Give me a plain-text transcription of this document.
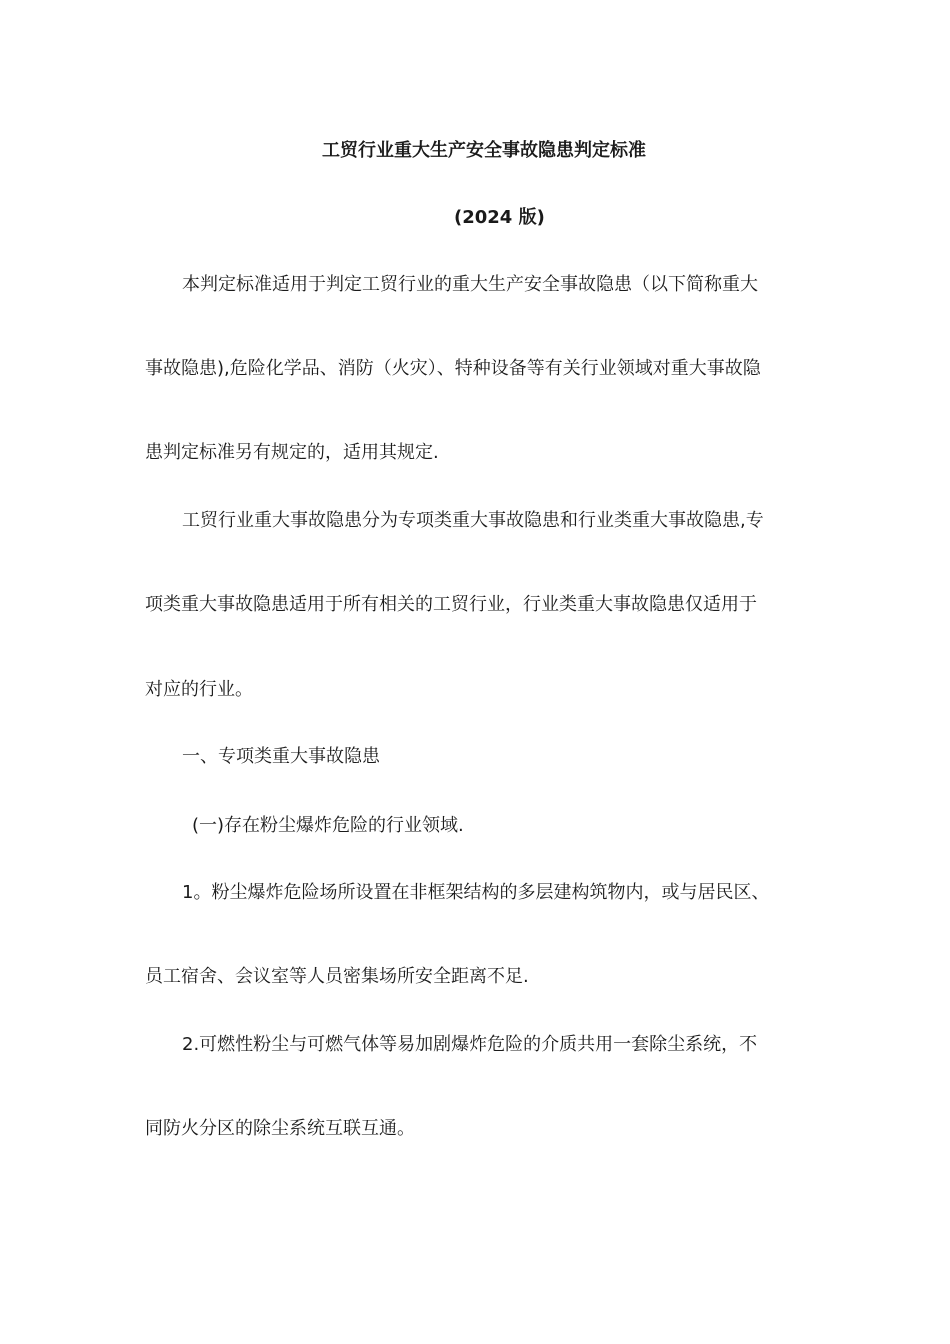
工贸行业重大生产安全事故隐患判定标准
(2024 版)
本判定标准适用于判定工贸行业的重大生产安全事故隐患（以下简称重大
事故隐患),危险化学品、消防（火灾）、特种设备等有关行业领域对重大事故隐
患判定标准另有规定的，适用其规定.
工贸行业重大事故隐患分为专项类重大事故隐患和行业类重大事故隐患,专
项类重大事故隐患适用于所有相关的工贸行业，行业类重大事故隐患仅适用于
对应的行业。
一、专项类重大事故隐患
(一)存在粉尘爆炸危险的行业领域.
1。粉尘爆炸危险场所设置在非框架结构的多层建构筑物内，或与居民区、
员工宿舍、会议室等人员密集场所安全距离不足.
2.可燃性粉尘与可燃气体等易加剧爆炸危险的介质共用一套除尘系统，不
同防火分区的除尘系统互联互通。
